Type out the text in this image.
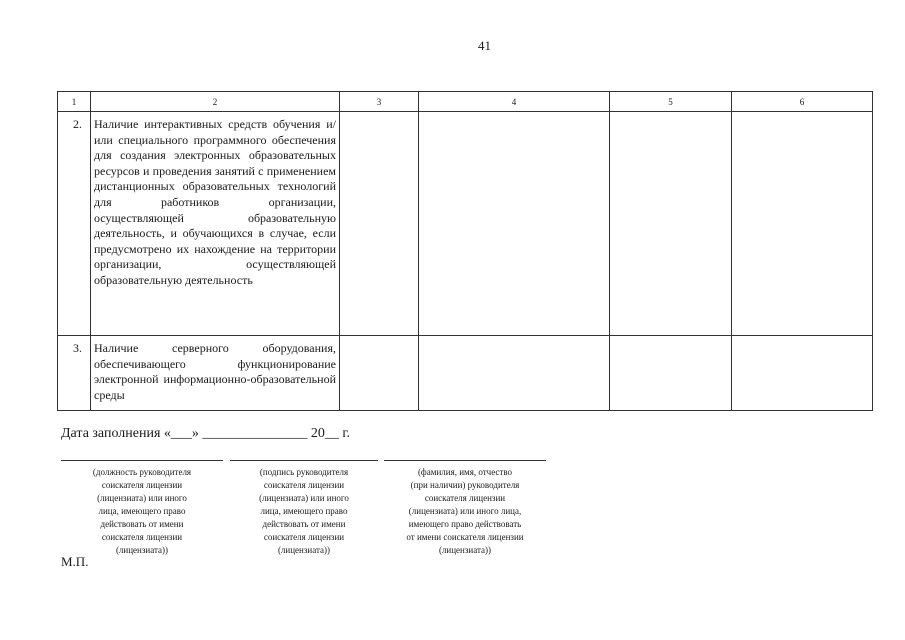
41
1	2	3	4	5	6
2.	Наличие интерактивных средств обучения и/или специального программного обеспечения для создания электронных образовательных ресурсов и проведения занятий с применением дистанционных образовательных технологий для работников организации, осуществляющей образовательную деятельность, и обучающихся в случае, если предусмотрено их нахождение на территории организации, осуществляющей образовательную деятельность				
3.	Наличие серверного оборудования, обеспечивающего функционирование электронной информационно-образовательной среды				
Дата заполнения «___» _______________ 20__ г.
(должность руководителя
соискателя лицензии
(лицензиата) или иного
лица, имеющего право
действовать от имени
соискателя лицензии
(лицензиата))
(подпись руководителя
соискателя лицензии
(лицензиата) или иного
лица, имеющего право
действовать от имени
соискателя лицензии
(лицензиата))
(фамилия, имя, отчество
(при наличии) руководителя
соискателя лицензии
(лицензиата) или иного лица,
имеющего право действовать
от имени соискателя лицензии
(лицензиата))
М.П.
